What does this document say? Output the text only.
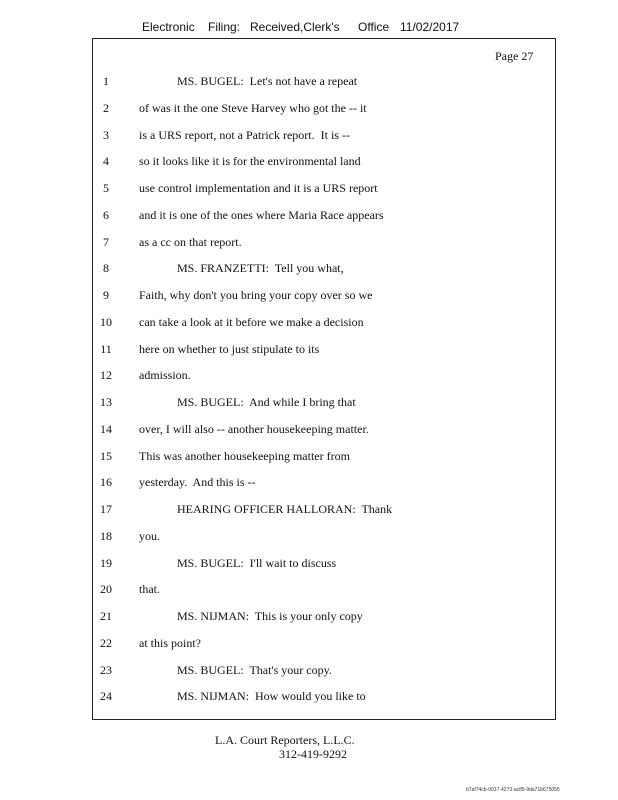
Electronic Filing: Received,Clerk's Office 11/02/2017
Page 27
1	MS. BUGEL:  Let's not have a repeat
2	of was it the one Steve Harvey who got the -- it
3	is a URS report, not a Patrick report.  It is --
4	so it looks like it is for the environmental land
5	use control implementation and it is a URS report
6	and it is one of the ones where Maria Race appears
7	as a cc on that report.
8	MS. FRANZETTI:  Tell you what,
9	Faith, why don't you bring your copy over so we
10	can take a look at it before we make a decision
11	here on whether to just stipulate to its
12	admission.
13	MS. BUGEL:  And while I bring that
14	over, I will also -- another housekeeping matter.
15	This was another housekeeping matter from
16	yesterday.  And this is --
17	HEARING OFFICER HALLORAN:  Thank
18	you.
19	MS. BUGEL:  I'll wait to discuss
20	that.
21	MS. NIJMAN:  This is your only copy
22	at this point?
23	MS. BUGEL:  That's your copy.
24	MS. NIJMAN:  How would you like to
L.A. Court Reporters, L.L.C.
312-419-9292
b7af74cb-0017-4273-ac85-9da71b675055
